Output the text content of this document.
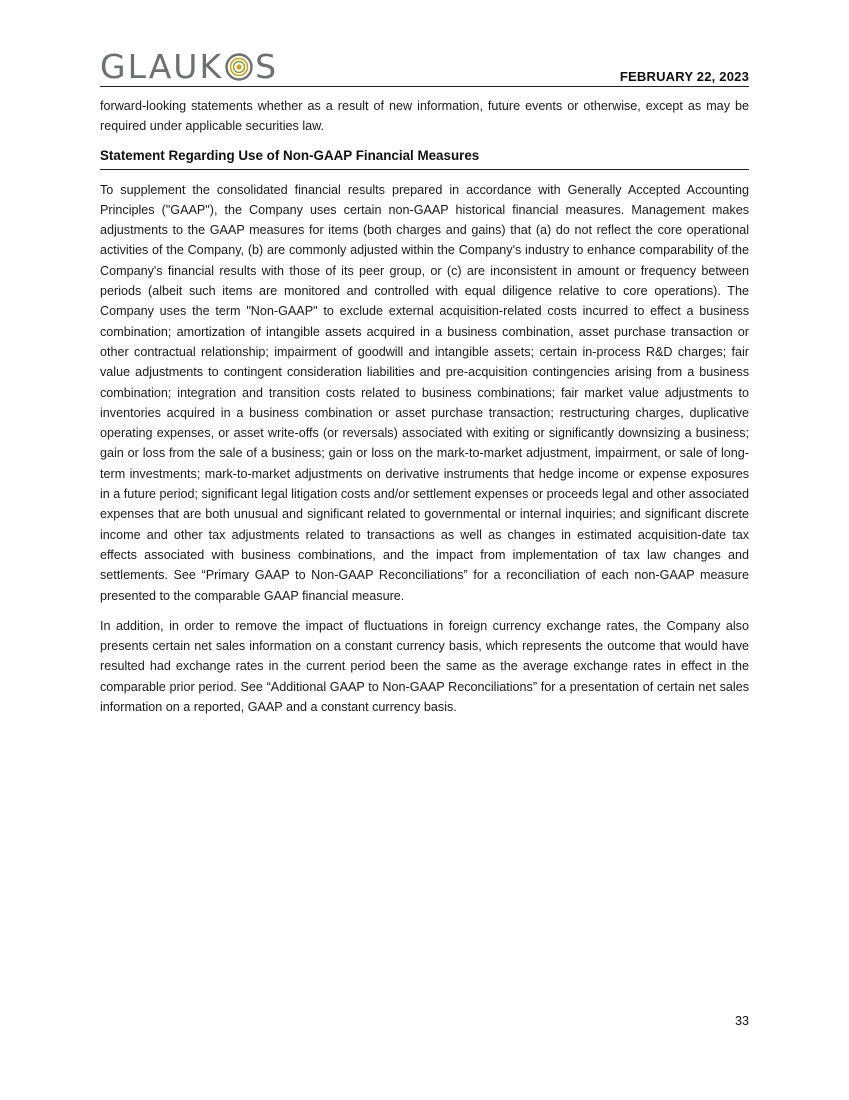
GLAUK S	FEBRUARY 22, 2023

forward-looking statements whether as a result of new information, future events or otherwise, except as may be required under applicable securities law.

Statement Regarding Use of Non-GAAP Financial Measures

To supplement the consolidated financial results prepared in accordance with Generally Accepted Accounting Principles ("GAAP"), the Company uses certain non-GAAP historical financial measures. Management makes adjustments to the GAAP measures for items (both charges and gains) that (a) do not reflect the core operational activities of the Company, (b) are commonly adjusted within the Company's industry to enhance comparability of the Company's financial results with those of its peer group, or (c) are inconsistent in amount or frequency between periods (albeit such items are monitored and controlled with equal diligence relative to core operations). The Company uses the term "Non-GAAP" to exclude external acquisition-related costs incurred to effect a business combination; amortization of intangible assets acquired in a business combination, asset purchase transaction or other contractual relationship; impairment of goodwill and intangible assets; certain in-process R&D charges; fair value adjustments to contingent consideration liabilities and pre-acquisition contingencies arising from a business combination; integration and transition costs related to business combinations; fair market value adjustments to inventories acquired in a business combination or asset purchase transaction; restructuring charges, duplicative operating expenses, or asset write-offs (or reversals) associated with exiting or significantly downsizing a business; gain or loss from the sale of a business; gain or loss on the mark-to-market adjustment, impairment, or sale of long-term investments; mark-to-market adjustments on derivative instruments that hedge income or expense exposures in a future period; significant legal litigation costs and/or settlement expenses or proceeds legal and other associated expenses that are both unusual and significant related to governmental or internal inquiries; and significant discrete income and other tax adjustments related to transactions as well as changes in estimated acquisition-date tax effects associated with business combinations, and the impact from implementation of tax law changes and settlements. See “Primary GAAP to Non-GAAP Reconciliations” for a reconciliation of each non-GAAP measure presented to the comparable GAAP financial measure.

In addition, in order to remove the impact of fluctuations in foreign currency exchange rates, the Company also presents certain net sales information on a constant currency basis, which represents the outcome that would have resulted had exchange rates in the current period been the same as the average exchange rates in effect in the comparable prior period. See “Additional GAAP to Non-GAAP Reconciliations” for a presentation of certain net sales information on a reported, GAAP and a constant currency basis.

33
